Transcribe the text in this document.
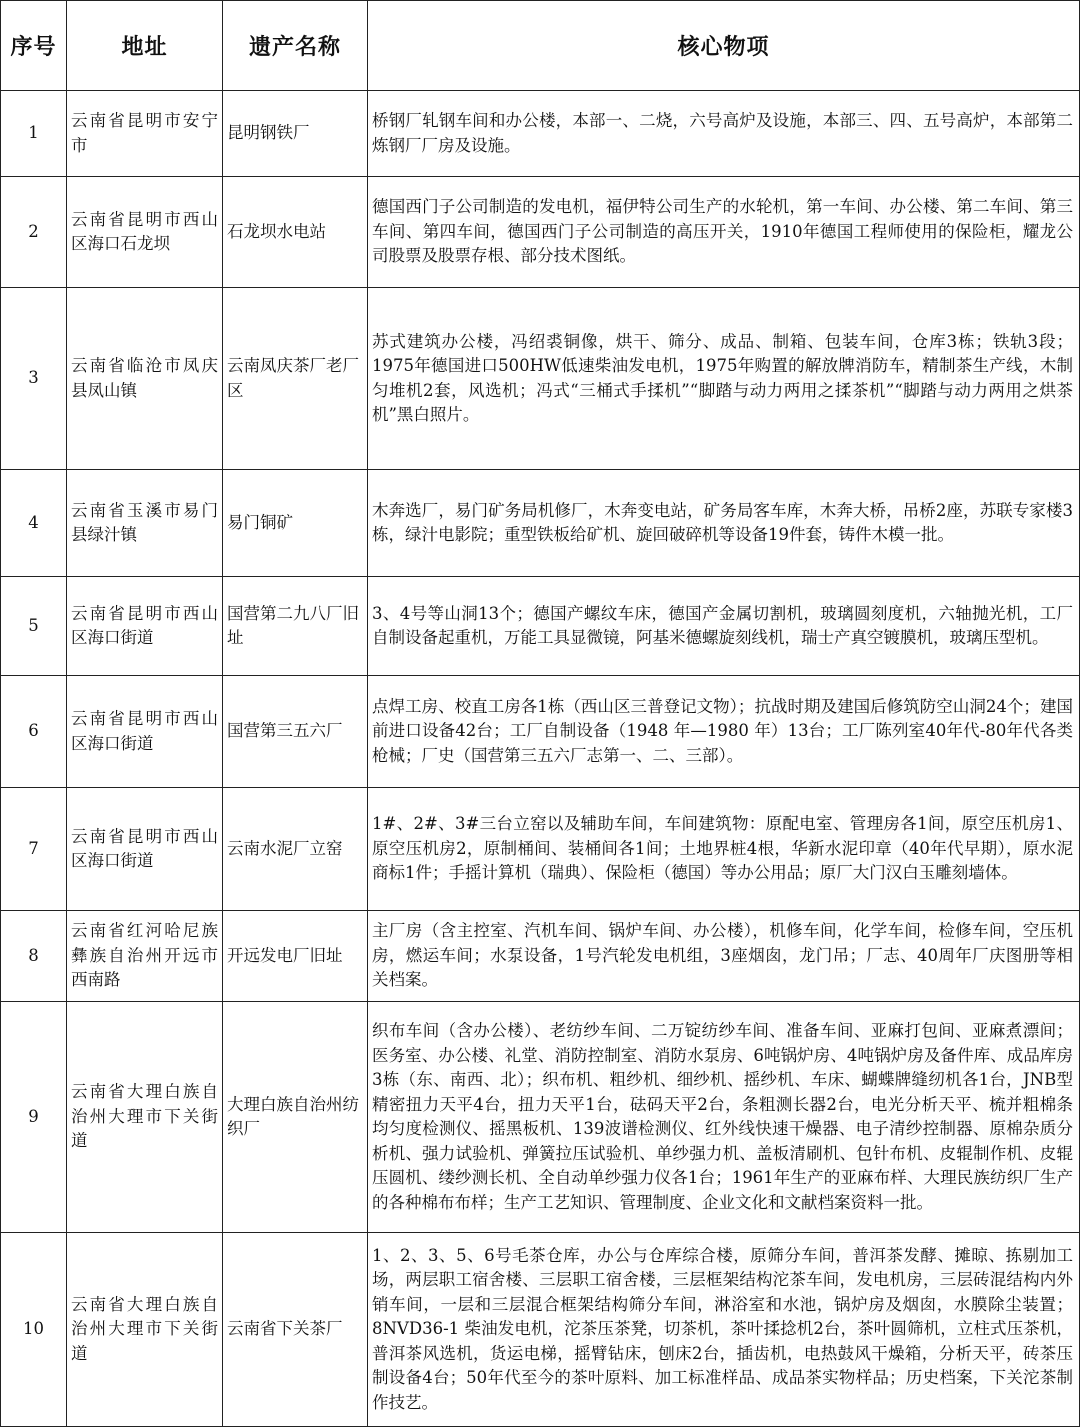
序号	地址	遗产名称	核心物项
1	云南省昆明市安宁市	昆明钢铁厂	桥钢厂轧钢车间和办公楼，本部一、二烧，六号高炉及设施，本部三、四、五号高炉，本部第二炼钢厂厂房及设施。
2	云南省昆明市西山区海口石龙坝	石龙坝水电站	德国西门子公司制造的发电机，福伊特公司生产的水轮机，第一车间、办公楼、第二车间、第三车间、第四车间，德国西门子公司制造的高压开关，1910年德国工程师使用的保险柜，耀龙公司股票及股票存根、部分技术图纸。
3	云南省临沧市凤庆县凤山镇	云南凤庆茶厂老厂区	苏式建筑办公楼，冯绍裘铜像，烘干、筛分、成品、制箱、包装车间，仓库3栋；铁轨3段；1975年德国进口500HW低速柴油发电机，1975年购置的解放牌消防车，精制茶生产线，木制匀堆机2套，风选机；冯式“三桶式手揉机”“脚踏与动力两用之揉茶机”“脚踏与动力两用之烘茶机”黑白照片。
4	云南省玉溪市易门县绿汁镇	易门铜矿	木奔选厂，易门矿务局机修厂，木奔变电站，矿务局客车库，木奔大桥，吊桥2座，苏联专家楼3栋，绿汁电影院；重型铁板给矿机、旋回破碎机等设备19件套，铸件木模一批。
5	云南省昆明市西山区海口街道	国营第二九八厂旧址	3、4号等山洞13个；德国产螺纹车床，德国产金属切割机，玻璃圆刻度机，六轴抛光机，工厂自制设备起重机，万能工具显微镜，阿基米德螺旋刻线机，瑞士产真空镀膜机，玻璃压型机。
6	云南省昆明市西山区海口街道	国营第三五六厂	点焊工房、校直工房各1栋（西山区三普登记文物）；抗战时期及建国后修筑防空山洞24个；建国前进口设备42台；工厂自制设备（1948 年—1980 年）13台；工厂陈列室40年代-80年代各类枪械；厂史（国营第三五六厂志第一、二、三部）。
7	云南省昆明市西山区海口街道	云南水泥厂立窑	1#、2#、3#三台立窑以及辅助车间，车间建筑物：原配电室、管理房各1间，原空压机房1、原空压机房2，原制桶间、装桶间各1间；土地界桩4根，华新水泥印章（40年代早期），原水泥商标1件；手摇计算机（瑞典）、保险柜（德国）等办公用品；原厂大门汉白玉雕刻墙体。
8	云南省红河哈尼族彝族自治州开远市西南路	开远发电厂旧址	主厂房（含主控室、汽机车间、锅炉车间、办公楼），机修车间，化学车间，检修车间，空压机房，燃运车间；水泵设备，1号汽轮发电机组，3座烟囱，龙门吊；厂志、40周年厂庆图册等相关档案。
9	云南省大理白族自治州大理市下关街道	大理白族自治州纺织厂	织布车间（含办公楼）、老纺纱车间、二万锭纺纱车间、准备车间、亚麻打包间、亚麻煮漂间；医务室、办公楼、礼堂、消防控制室、消防水泵房、6吨锅炉房、4吨锅炉房及备件库、成品库房3栋（东、南西、北）；织布机、粗纱机、细纱机、摇纱机、车床、蝴蝶牌缝纫机各1台，JNB型精密扭力天平4台，扭力天平1台，砝码天平2台，条粗测长器2台，电光分析天平、梳并粗棉条均匀度检测仪、摇黑板机、139波谱检测仪、红外线快速干燥器、电子清纱控制器、原棉杂质分析机、强力试验机、弹簧拉压试验机、单纱强力机、盖板清刷机、包针布机、皮辊制作机、皮辊压圆机、缕纱测长机、全自动单纱强力仪各1台；1961年生产的亚麻布样、大理民族纺织厂生产的各种棉布布样；生产工艺知识、管理制度、企业文化和文献档案资料一批。
10	云南省大理白族自治州大理市下关街道	云南省下关茶厂	1、2、3、5、6号毛茶仓库，办公与仓库综合楼，原筛分车间，普洱茶发酵、摊晾、拣剔加工场，两层职工宿舍楼、三层职工宿舍楼，三层框架结构沱茶车间，发电机房，三层砖混结构内外销车间，一层和三层混合框架结构筛分车间，淋浴室和水池，锅炉房及烟囱，水膜除尘装置；8NVD36-1 柴油发电机，沱茶压茶凳，切茶机，茶叶揉捻机2台，茶叶圆筛机，立柱式压茶机，普洱茶风选机，货运电梯，摇臂钻床，刨床2台，插齿机，电热鼓风干燥箱，分析天平，砖茶压制设备4台；50年代至今的茶叶原料、加工标准样品、成品茶实物样品；历史档案，下关沱茶制作技艺。
